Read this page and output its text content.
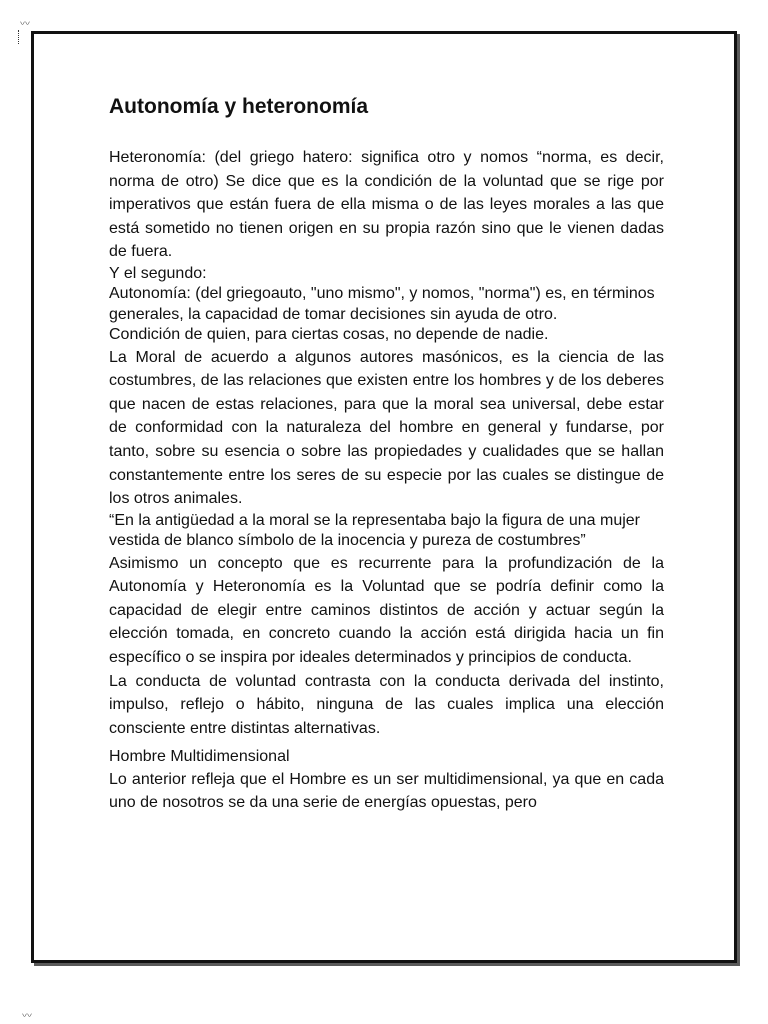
〰
〰
Autonomía y heteronomía

Heteronomía: (del griego hatero: significa otro y nomos “norma, es decir, norma de otro) Se dice que es la condición de la voluntad que se rige por imperativos que están fuera de ella misma o de las leyes morales a las que está sometido no tienen origen en su propia razón sino que le vienen dadas de fuera.

Y el segundo:

Autonomía: (del griegoauto, "uno mismo", y nomos, "norma") es, en términos generales, la capacidad de tomar decisiones sin ayuda de otro.

Condición de quien, para ciertas cosas, no depende de nadie.

La Moral de acuerdo a algunos autores masónicos, es la ciencia de las costumbres, de las relaciones que existen entre los hombres y de los deberes que nacen de estas relaciones, para que la moral sea universal, debe estar de conformidad con la naturaleza del hombre en general y fundarse, por tanto, sobre su esencia o sobre las propiedades y cualidades que se hallan constantemente entre los seres de su especie por las cuales se distingue de los otros animales.

“En la antigüedad a la moral se la representaba bajo la figura de una mujer

vestida de blanco símbolo de la inocencia y pureza de costumbres”

Asimismo un concepto que es recurrente para la profundización de la Autonomía y Heteronomía es la Voluntad que se podría definir como la capacidad de elegir entre caminos distintos de acción y actuar según la elección tomada, en concreto cuando la acción está dirigida hacia un fin específico o se inspira por ideales determinados y principios de conducta.

La conducta de voluntad contrasta con la conducta derivada del instinto, impulso, reflejo o hábito, ninguna de las cuales implica una elección consciente entre distintas alternativas.

Hombre Multidimensional

Lo anterior refleja que el Hombre es un ser multidimensional, ya que en cada uno de nosotros se da una serie de energías opuestas, pero
